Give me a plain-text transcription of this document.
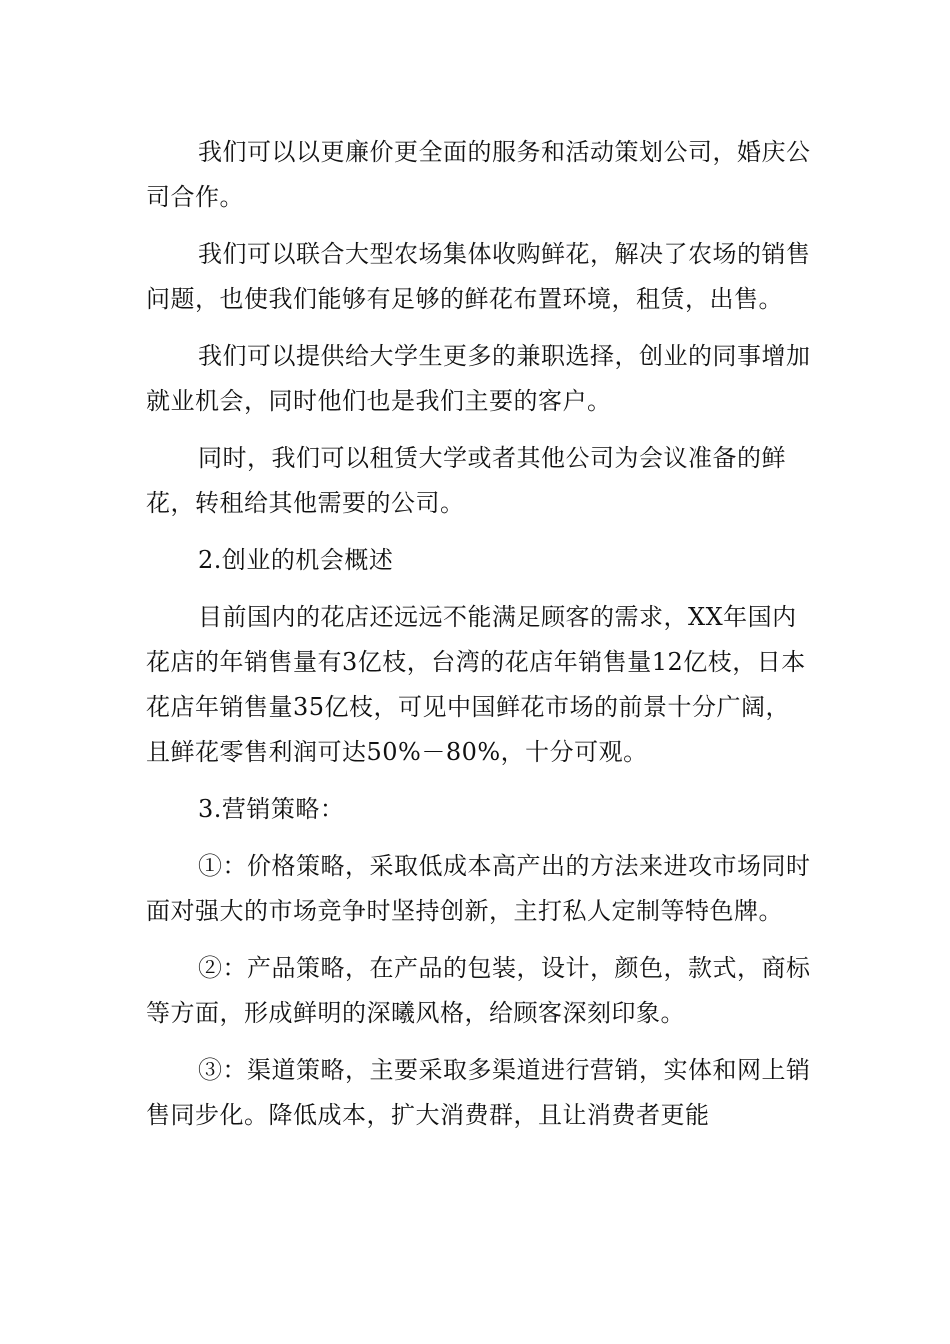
我们可以以更廉价更全面的服务和活动策划公司，婚庆公司合作。

我们可以联合大型农场集体收购鲜花，解决了农场的销售问题，也使我们能够有足够的鲜花布置环境，租赁，出售。

我们可以提供给大学生更多的兼职选择，创业的同事增加就业机会，同时他们也是我们主要的客户。

同时，我们可以租赁大学或者其他公司为会议准备的鲜花，转租给其他需要的公司。

2.创业的机会概述

目前国内的花店还远远不能满足顾客的需求，XX年国内花店的年销售量有3亿枝，台湾的花店年销售量12亿枝，日本花店年销售量35亿枝，可见中国鲜花市场的前景十分广阔，且鲜花零售利润可达50%－80%，十分可观。

3.营销策略：

①：价格策略，采取低成本高产出的方法来进攻市场同时面对强大的市场竞争时坚持创新，主打私人定制等特色牌。

②：产品策略，在产品的包装，设计，颜色，款式，商标等方面，形成鲜明的深曦风格，给顾客深刻印象。

③：渠道策略，主要采取多渠道进行营销，实体和网上销售同步化。降低成本，扩大消费群，且让消费者更能
